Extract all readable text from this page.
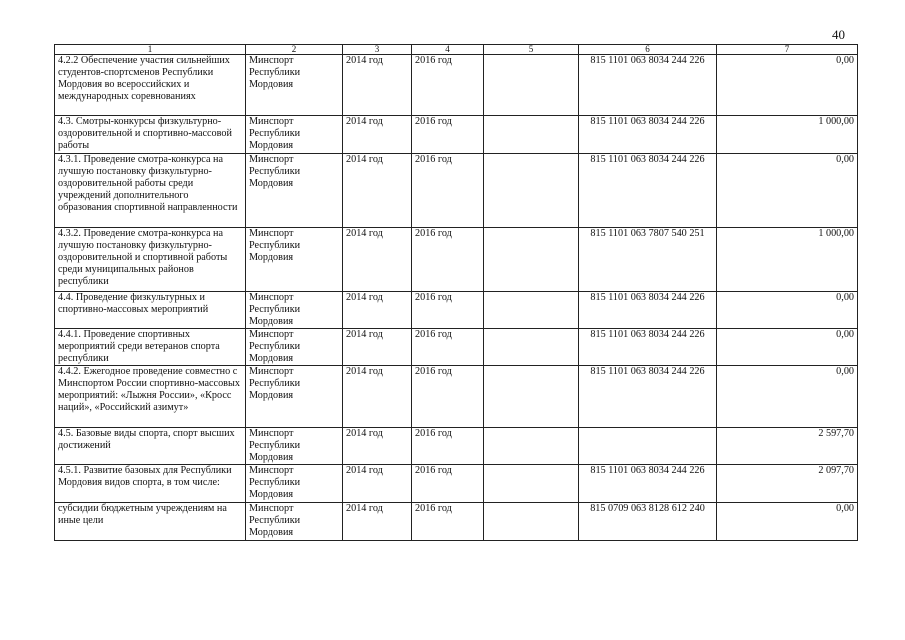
40
1	2	3	4	5	6	7
4.2.2 Обеспечение участия сильнейших студентов-спортсменов Республики Мордовия во всероссийских и международных соревнованиях	Минспорт Республики Мордовия	2014 год	2016 год		815 1101 063 8034 244 226	0,00
4.3. Смотры-конкурсы физкультурно-оздоровительной и спортивно-массовой работы	Минспорт Республики Мордовия	2014 год	2016 год		815 1101 063 8034 244 226	1 000,00
4.3.1. Проведение смотра-конкурса на лучшую постановку физкультурно-оздоровительной работы среди учреждений дополнительного образования спортивной направленности	Минспорт Республики Мордовия	2014 год	2016 год		815 1101 063 8034 244 226	0,00
4.3.2. Проведение смотра-конкурса на лучшую постановку физкультурно-оздоровительной и спортивной работы среди муниципальных районов республики	Минспорт Республики Мордовия	2014 год	2016 год		815 1101 063 7807 540 251	1 000,00
4.4. Проведение физкультурных и спортивно-массовых мероприятий	Минспорт Республики Мордовия	2014 год	2016 год		815 1101 063 8034 244 226	0,00
4.4.1. Проведение спортивных мероприятий среди ветеранов спорта республики	Минспорт Республики Мордовия	2014 год	2016 год		815 1101 063 8034 244 226	0,00
4.4.2. Ежегодное проведение совместно с Минспортом России спортивно-массовых мероприятий: «Лыжня России», «Кросс наций», «Российский азимут»	Минспорт Республики Мордовия	2014 год	2016 год		815 1101 063 8034 244 226	0,00
4.5. Базовые виды спорта, спорт высших достижений	Минспорт Республики Мордовия	2014 год	2016 год			2 597,70
4.5.1. Развитие базовых для Республики Мордовия видов спорта, в том числе:	Минспорт Республики Мордовия	2014 год	2016 год		815 1101 063 8034 244 226	2 097,70
субсидии бюджетным учреждениям на иные цели	Минспорт Республики Мордовия	2014 год	2016 год		815 0709 063 8128 612 240	0,00
